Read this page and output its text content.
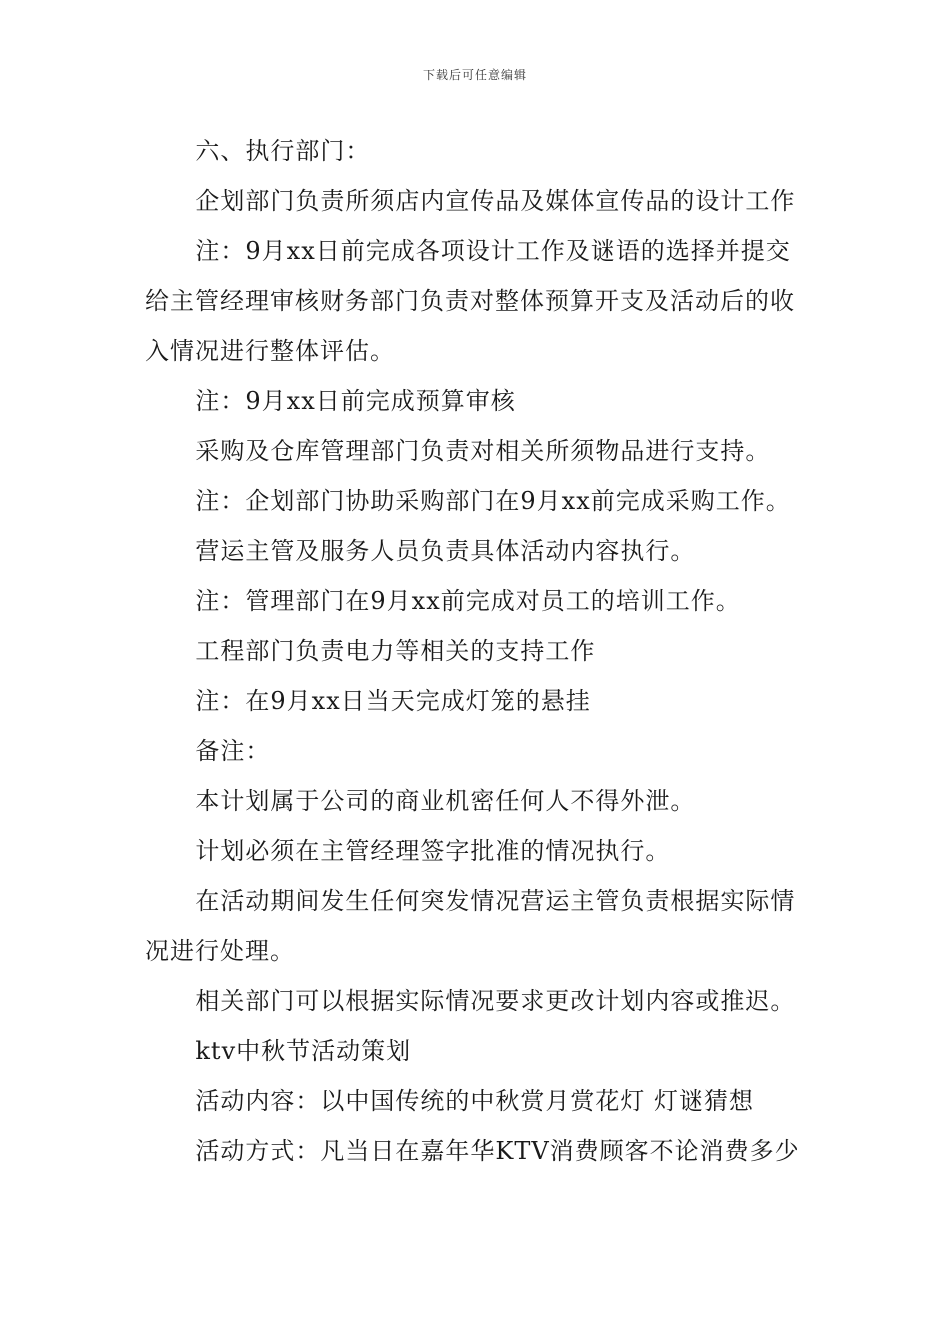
下载后可任意编辑

六、执行部门：

企划部门负责所须店内宣传品及媒体宣传品的设计工作

注：9月xx日前完成各项设计工作及谜语的选择并提交给主管经理审核财务部门负责对整体预算开支及活动后的收入情况进行整体评估。

注：9月xx日前完成预算审核

采购及仓库管理部门负责对相关所须物品进行支持。

注：企划部门协助采购部门在9月xx前完成采购工作。

营运主管及服务人员负责具体活动内容执行。

注：管理部门在9月xx前完成对员工的培训工作。

工程部门负责电力等相关的支持工作

注：在9月xx日当天完成灯笼的悬挂

备注：

本计划属于公司的商业机密任何人不得外泄。

计划必须在主管经理签字批准的情况执行。

在活动期间发生任何突发情况营运主管负责根据实际情况进行处理。

相关部门可以根据实际情况要求更改计划内容或推迟。

ktv中秋节活动策划

活动内容：以中国传统的中秋赏月赏花灯 灯谜猜想

活动方式：凡当日在嘉年华KTV消费顾客不论消费多少
